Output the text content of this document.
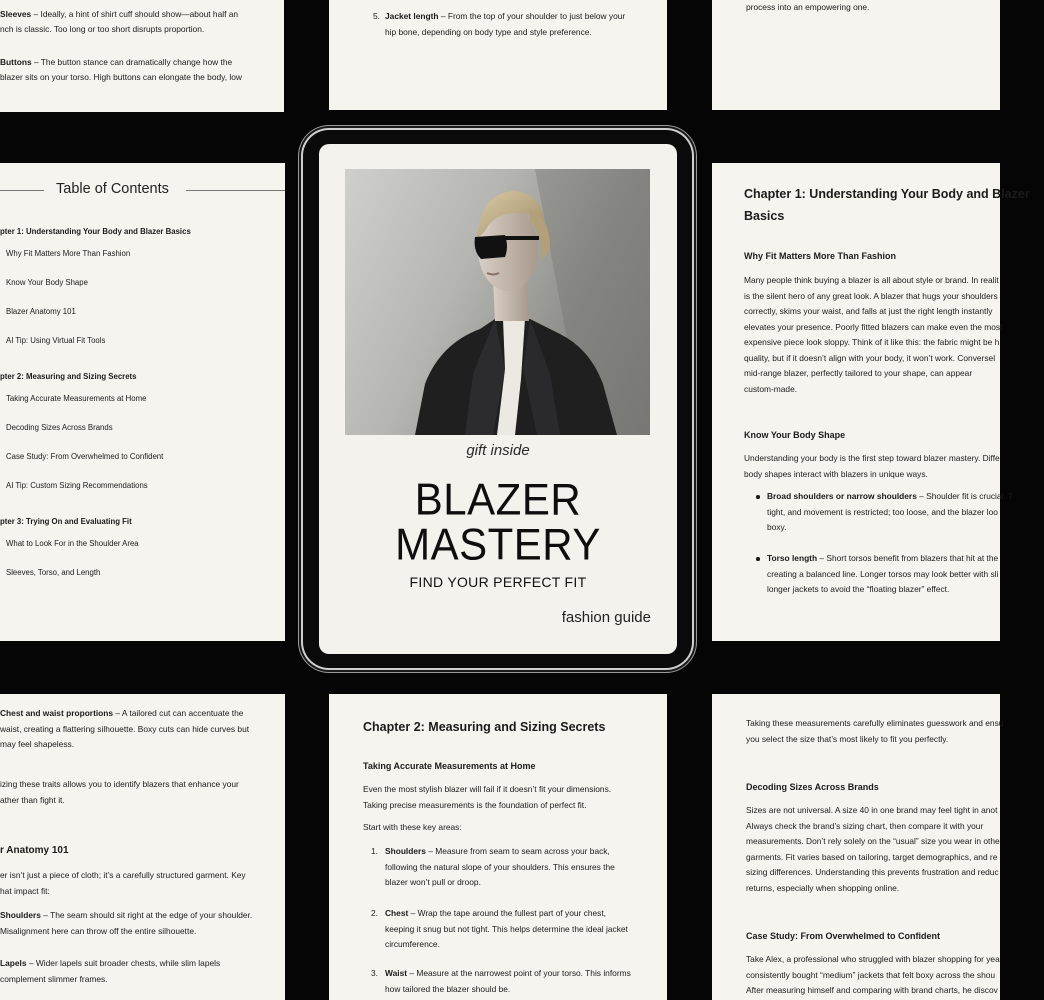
Sleeves – Ideally, a hint of shirt cuff should show—about half an

nch is classic. Too long or too short disrupts proportion.

Buttons – The button stance can dramatically change how the

blazer sits on your torso. High buttons can elongate the body, low

5. Jacket length – From the top of your shoulder to just below your

hip bone, depending on body type and style preference.

process into an empowering one.

Table of Contents
pter 1: Understanding Your Body and Blazer Basics
Why Fit Matters More Than Fashion
Know Your Body Shape
Blazer Anatomy 101
AI Tip: Using Virtual Fit Tools
pter 2: Measuring and Sizing Secrets
Taking Accurate Measurements at Home
Decoding Sizes Across Brands
Case Study: From Overwhelmed to Confident
AI Tip: Custom Sizing Recommendations
pter 3: Trying On and Evaluating Fit
What to Look For in the Shoulder Area
Sleeves, Torso, and Length
Chapter 1: Understanding Your Body and Blazer
Basics
Why Fit Matters More Than Fashion

Many people think buying a blazer is all about style or brand. In realit

is the silent hero of any great look. A blazer that hugs your shoulders

correctly, skims your waist, and falls at just the right length instantly

elevates your presence. Poorly fitted blazers can make even the most

expensive piece look sloppy. Think of it like this: the fabric might be h

quality, but if it doesn’t align with your body, it won’t work. Conversel

mid-range blazer, perfectly tailored to your shape, can appear

custom-made.

Know Your Body Shape

Understanding your body is the first step toward blazer mastery. Diffe

body shapes interact with blazers in unique ways.

Broad shoulders or narrow shoulders – Shoulder fit is crucial. T

tight, and movement is restricted; too loose, and the blazer loo

boxy.

Torso length – Short torsos benefit from blazers that hit at the

creating a balanced line. Longer torsos may look better with sli

longer jackets to avoid the “floating blazer” effect.

Chest and waist proportions – A tailored cut can accentuate the

waist, creating a flattering silhouette. Boxy cuts can hide curves but

may feel shapeless.

izing these traits allows you to identify blazers that enhance your

ather than fight it.

r Anatomy 101

er isn’t just a piece of cloth; it’s a carefully structured garment. Key

hat impact fit:

Shoulders – The seam should sit right at the edge of your shoulder.

Misalignment here can throw off the entire silhouette.

Lapels – Wider lapels suit broader chests, while slim lapels

complement slimmer frames.

Chapter 2: Measuring and Sizing Secrets
Taking Accurate Measurements at Home

Even the most stylish blazer will fail if it doesn’t fit your dimensions.

Taking precise measurements is the foundation of perfect fit.

Start with these key areas:

1. Shoulders – Measure from seam to seam across your back,

following the natural slope of your shoulders. This ensures the

blazer won’t pull or droop.

2. Chest – Wrap the tape around the fullest part of your chest,

keeping it snug but not tight. This helps determine the ideal jacket

circumference.

3. Waist – Measure at the narrowest point of your torso. This informs

how tailored the blazer should be.

Taking these measurements carefully eliminates guesswork and ensu

you select the size that’s most likely to fit you perfectly.

Decoding Sizes Across Brands

Sizes are not universal. A size 40 in one brand may feel tight in anot

Always check the brand’s sizing chart, then compare it with your

measurements. Don’t rely solely on the “usual” size you wear in othe

garments. Fit varies based on tailoring, target demographics, and re

sizing differences. Understanding this prevents frustration and reduc

returns, especially when shopping online.

Case Study: From Overwhelmed to Confident

Take Alex, a professional who struggled with blazer shopping for yea

consistently bought “medium” jackets that felt boxy across the shou

After measuring himself and comparing with brand charts, he discov

gift inside
BLAZER
MASTERY
FIND YOUR PERFECT FIT
fashion guide
